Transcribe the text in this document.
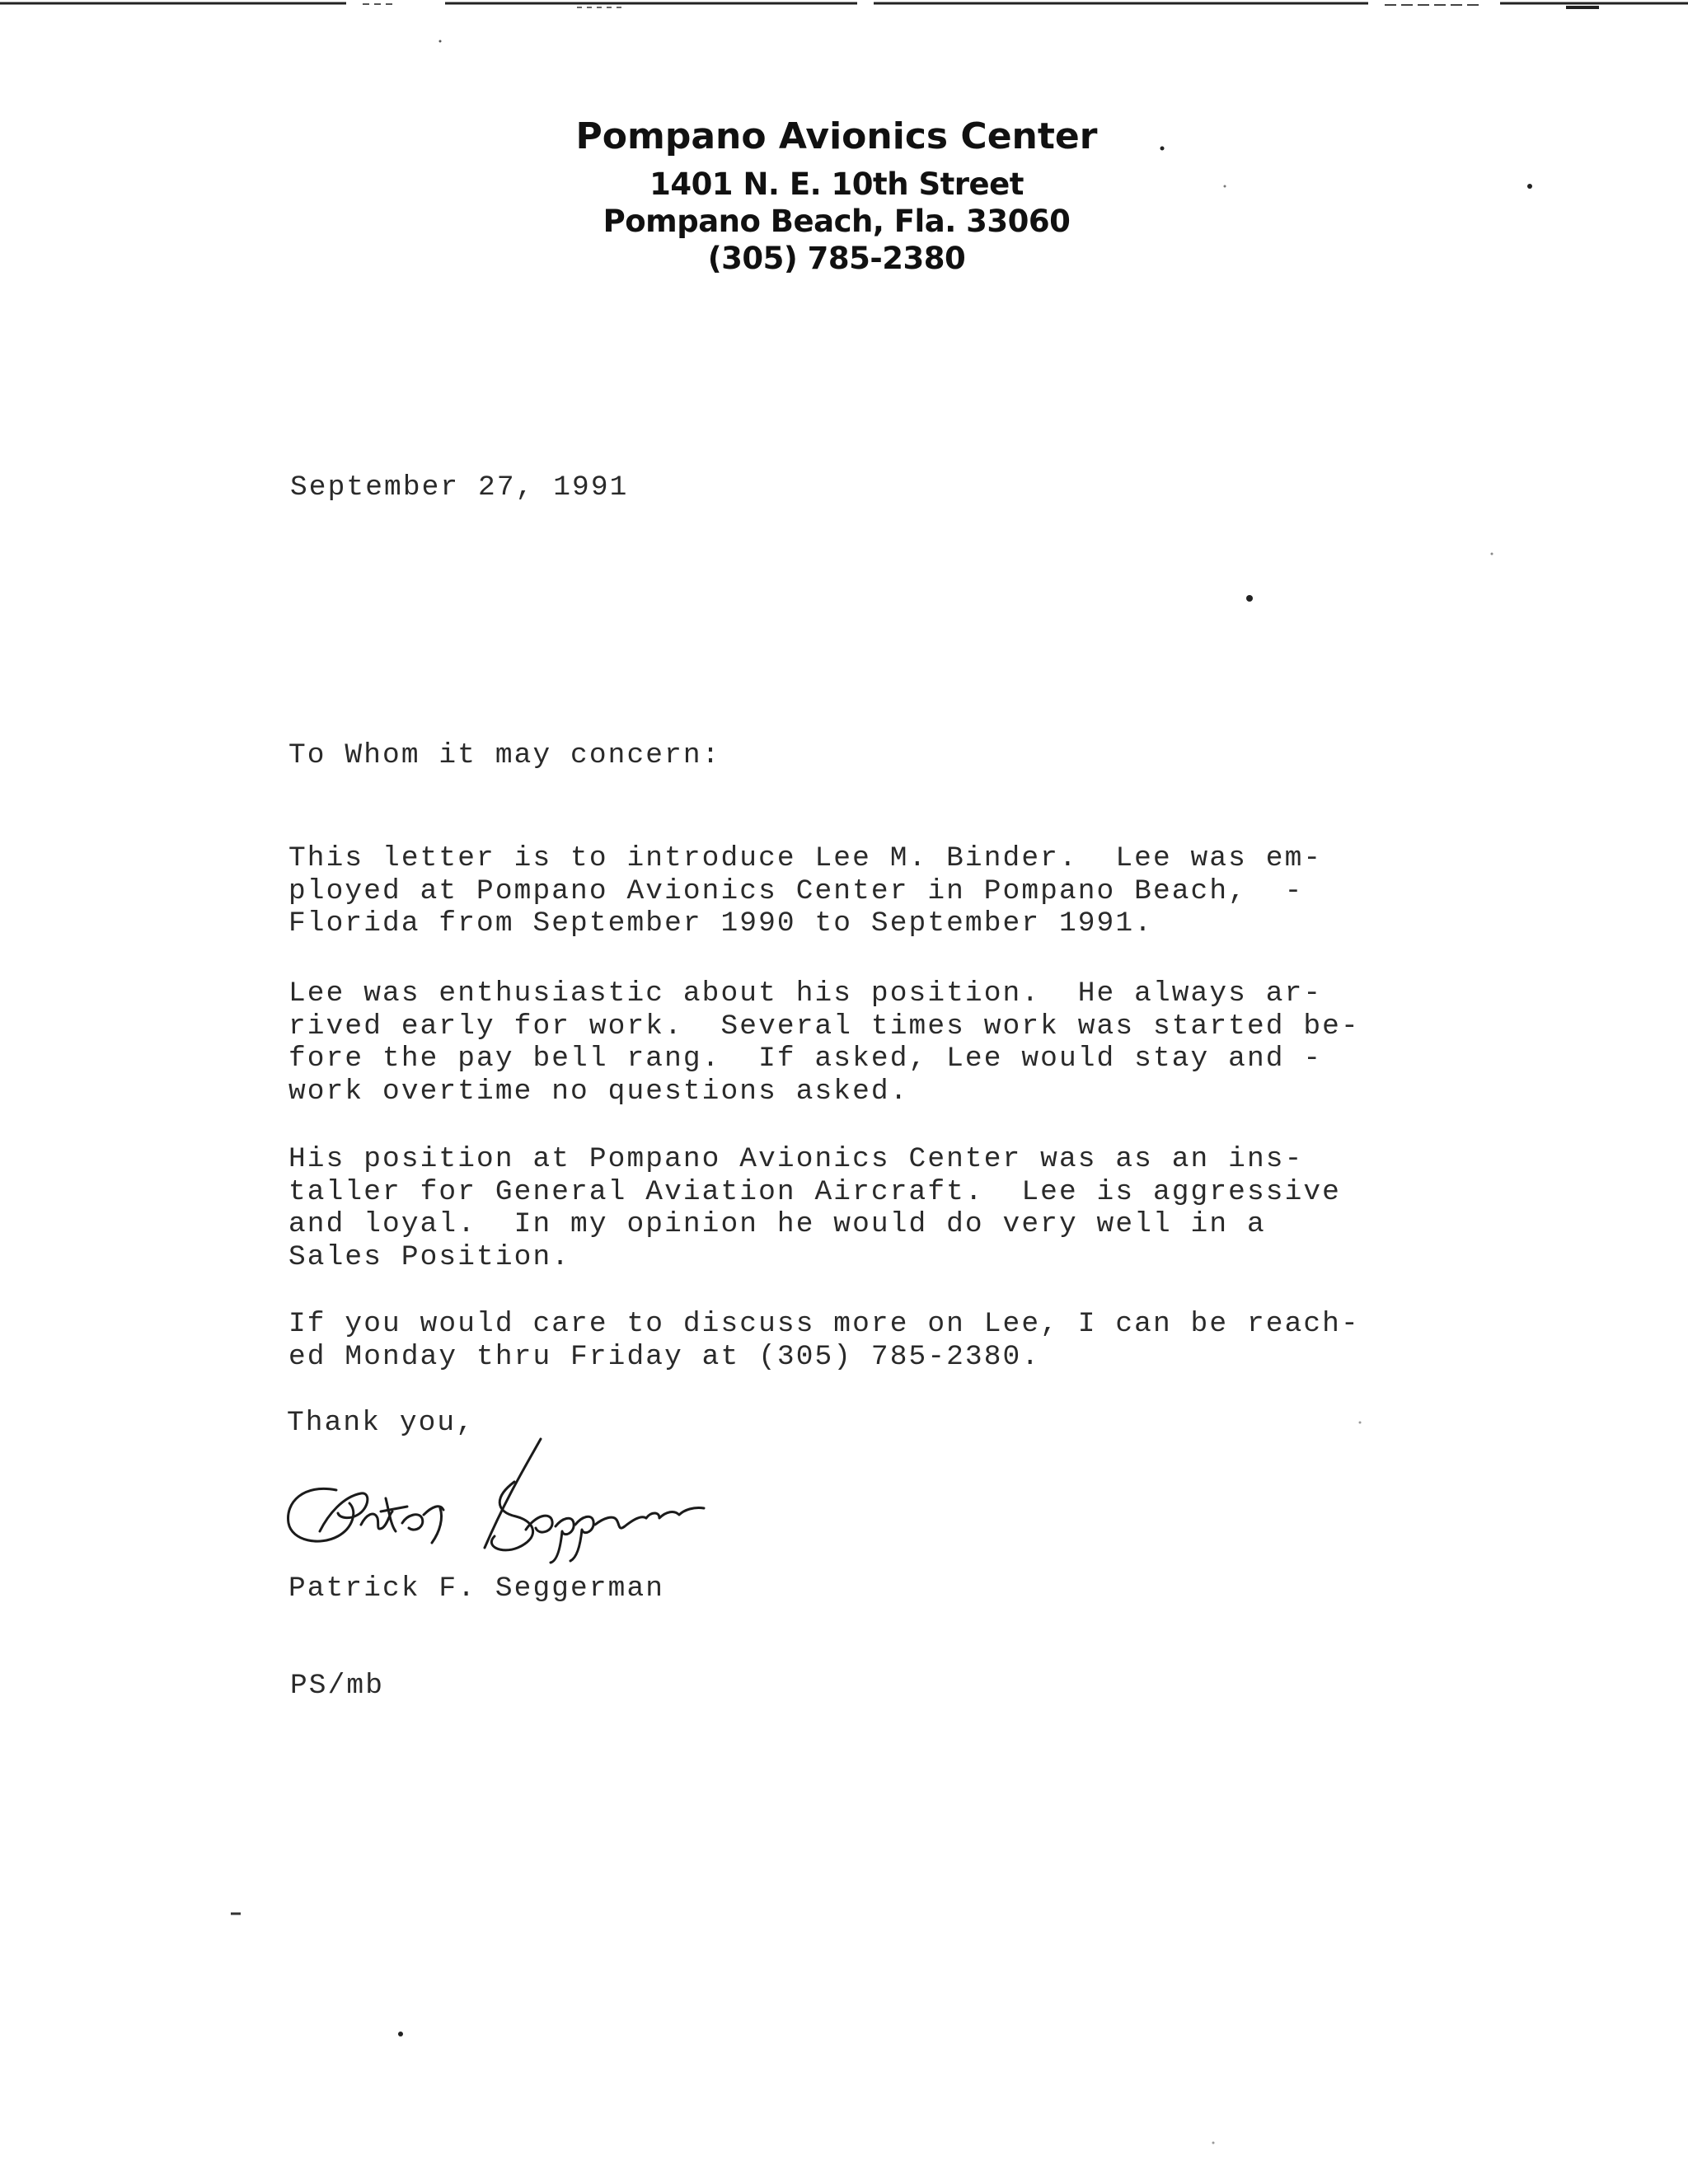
Pompano Avionics Center
1401 N. E. 10th Street
Pompano Beach, Fla. 33060
(305) 785-2380
September 27, 1991
To Whom it may concern:
This letter is to introduce Lee M. Binder.  Lee was em-
ployed at Pompano Avionics Center in Pompano Beach,  -
Florida from September 1990 to September 1991.
Lee was enthusiastic about his position.  He always ar-
rived early for work.  Several times work was started be-
fore the pay bell rang.  If asked, Lee would stay and -
work overtime no questions asked.
His position at Pompano Avionics Center was as an ins-
taller for General Aviation Aircraft.  Lee is aggressive
and loyal.  In my opinion he would do very well in a
Sales Position.
If you would care to discuss more on Lee, I can be reach-
ed Monday thru Friday at (305) 785-2380.
Thank you,
Patrick F. Seggerman
PS/mb
